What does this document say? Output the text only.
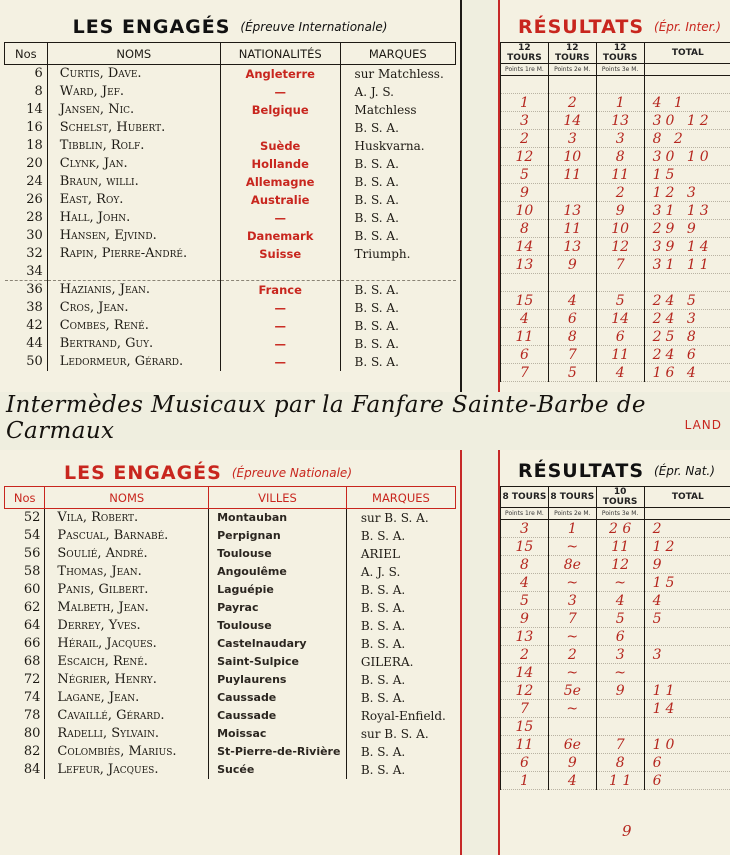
LES ENGAGÉS (Épreuve Internationale)
Nos	NOMS	NATIONALITÉS	MARQUES
6	Curtis, Dave.	Angleterre	sur Matchless.
8	Ward, Jef.	—	A. J. S.
14	Jansen, Nic.	Belgique	Matchless
16	Schelst, Hubert.		B. S. A.
18	Tibblin, Rolf.	Suède	Huskvarna.
20	Clynk, Jan.	Hollande	B. S. A.
24	Braun, willi.	Allemagne	B. S. A.
26	East, Roy.	Australie	B. S. A.
28	Hall, John.	—	B. S. A.
30	Hansen, Ejvind.	Danemark	B. S. A.
32	Rapin, Pierre-André.	Suisse	Triumph.
34			
36	Hazianis, Jean.	France	B. S. A.
38	Cros, Jean.	—	B. S. A.
42	Combes, René.	—	B. S. A.
44	Bertrand, Guy.	—	B. S. A.
50	Ledormeur, Gérard.	—	B. S. A.
RÉSULTATS (Épr. Inter.)
12 TOURS	12 TOURS	12 TOURS	TOTAL
Points 1re M.	Points 2e M.	Points 3e M.	

1	2	1	4 1
3	14	13	30 12
2	3	3	8 2
12	10	8	30 10
5	11	11	15
9		2	12 3
10	13	9	31 13
8	11	10	29 9
14	13	12	39 14
13	9	7	31 11

15	4	5	24 5
4	6	14	24 3
11	8	6	25 8
6	7	11	24 6
7	5	4	16 4
Intermèdes Musicaux par la Fanfare Sainte-Barbe de Carmaux	LAND
LES ENGAGÉS (Épreuve Nationale)
Nos	NOMS	VILLES	MARQUES
52	Vila, Robert.	Montauban	sur B. S. A.
54	Pascual, Barnabé.	Perpignan	B. S. A.
56	Soulié, André.	Toulouse	ARIEL
58	Thomas, Jean.	Angoulême	A. J. S.
60	Panis, Gilbert.	Laguépie	B. S. A.
62	Malbeth, Jean.	Payrac	B. S. A.
64	Derrey, Yves.	Toulouse	B. S. A.
66	Hérail, Jacques.	Castelnaudary	B. S. A.
68	Escaich, René.	Saint-Sulpice	GILERA.
72	Négrier, Henry.	Puylaurens	B. S. A.
74	Lagane, Jean.	Caussade	B. S. A.
78	Cavaillé, Gérard.	Caussade	Royal-Enfield.
80	Radelli, Sylvain.	Moissac	sur B. S. A.
82	Colombiès, Marius.	St-Pierre-de-Rivière	B. S. A.
84	Lefeur, Jacques.	Sucée	B. S. A.
RÉSULTATS (Épr. Nat.)
8 TOURS	8 TOURS	10 TOURS	TOTAL
Points 1re M.	Points 2e M.	Points 3e M.	
3	1	2 6	2
15	~	11	12
8	8e	12	9
4	~	~	15
5	3	4	4
9	7	5	5
13	~	6	
2	2	3	3
14	~	~	
12	5e	9	11
7	~		14
15			
11	6e	7	10
6	9	8	6
1	4	1 1	6
9
